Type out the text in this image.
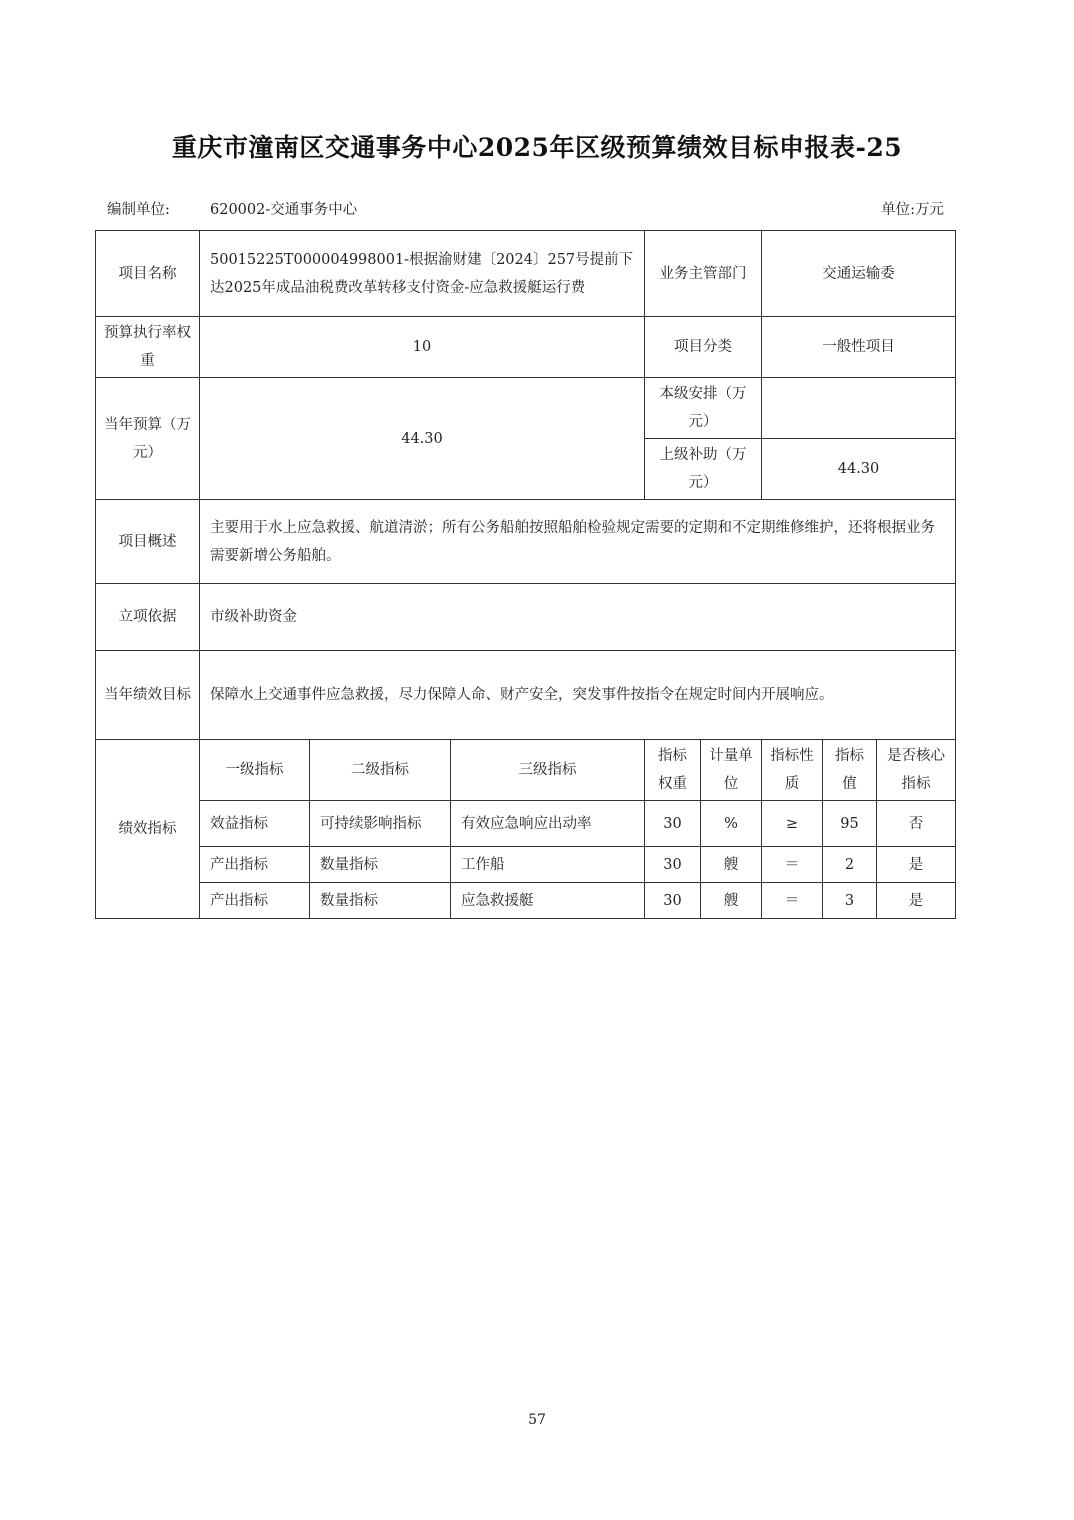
重庆市潼南区交通事务中心2025年区级预算绩效目标申报表-25
编制单位:	620002-交通事务中心	单位:万元
项目名称	50015225T000004998001-根据渝财建〔2024〕257号提前下达2025年成品油税费改革转移支付资金-应急救援艇运行费			业务主管部门		交通运输委		
预算执行率权重	10			项目分类		一般性项目		
当年预算（万元）	44.30			本级安排（万元）				
				上级补助（万元）		44.30		
项目概述	主要用于水上应急救援、航道清淤；所有公务船舶按照船舶检验规定需要的定期和不定期维修维护，还将根据业务需要新增公务船舶。							
立项依据	市级补助资金							
当年绩效目标	保障水上交通事件应急救援，尽力保障人命、财产安全，突发事件按指令在规定时间内开展响应。							
绩效指标	一级指标	二级指标	三级指标	指标权重	计量单位	指标性质	指标值	是否核心指标
	效益指标	可持续影响指标	有效应急响应出动率	30	%	≥	95	否
	产出指标	数量指标	工作船	30	艘	＝	2	是
	产出指标	数量指标	应急救援艇	30	艘	＝	3	是
57
